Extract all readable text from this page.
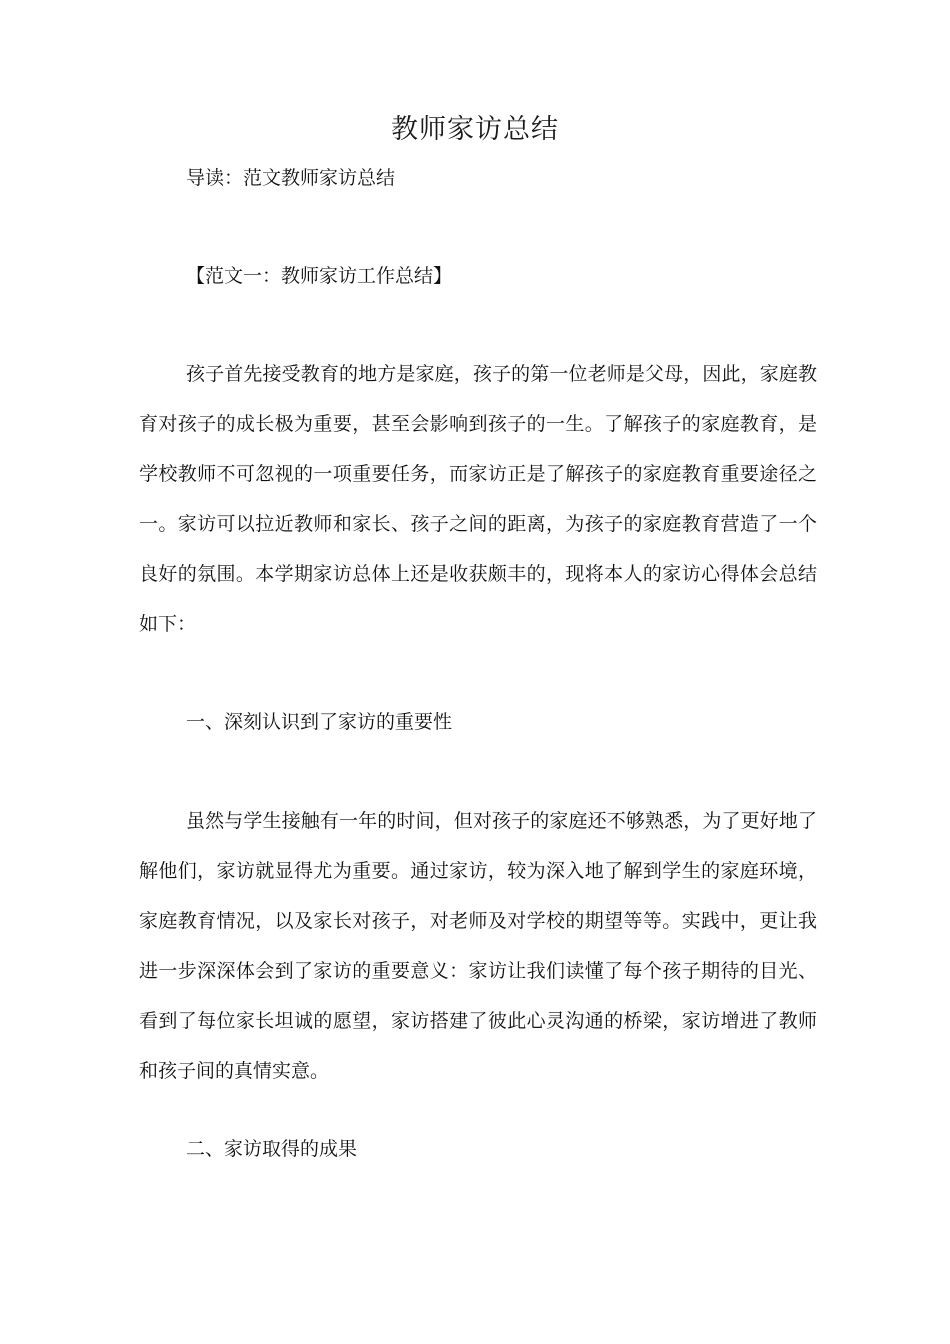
教师家访总结
导读：范文教师家访总结
【范文一：教师家访工作总结】
孩子首先接受教育的地方是家庭，孩子的第一位老师是父母，因此，家庭教育对孩子的成长极为重要，甚至会影响到孩子的一生。了解孩子的家庭教育，是学校教师不可忽视的一项重要任务，而家访正是了解孩子的家庭教育重要途径之一。家访可以拉近教师和家长、孩子之间的距离，为孩子的家庭教育营造了一个良好的氛围。本学期家访总体上还是收获颇丰的，现将本人的家访心得体会总结如下：
一、深刻认识到了家访的重要性
虽然与学生接触有一年的时间，但对孩子的家庭还不够熟悉，为了更好地了解他们，家访就显得尤为重要。通过家访，较为深入地了解到学生的家庭环境，家庭教育情况，以及家长对孩子，对老师及对学校的期望等等。实践中，更让我进一步深深体会到了家访的重要意义：家访让我们读懂了每个孩子期待的目光、看到了每位家长坦诚的愿望，家访搭建了彼此心灵沟通的桥梁，家访增进了教师和孩子间的真情实意。
二、家访取得的成果
